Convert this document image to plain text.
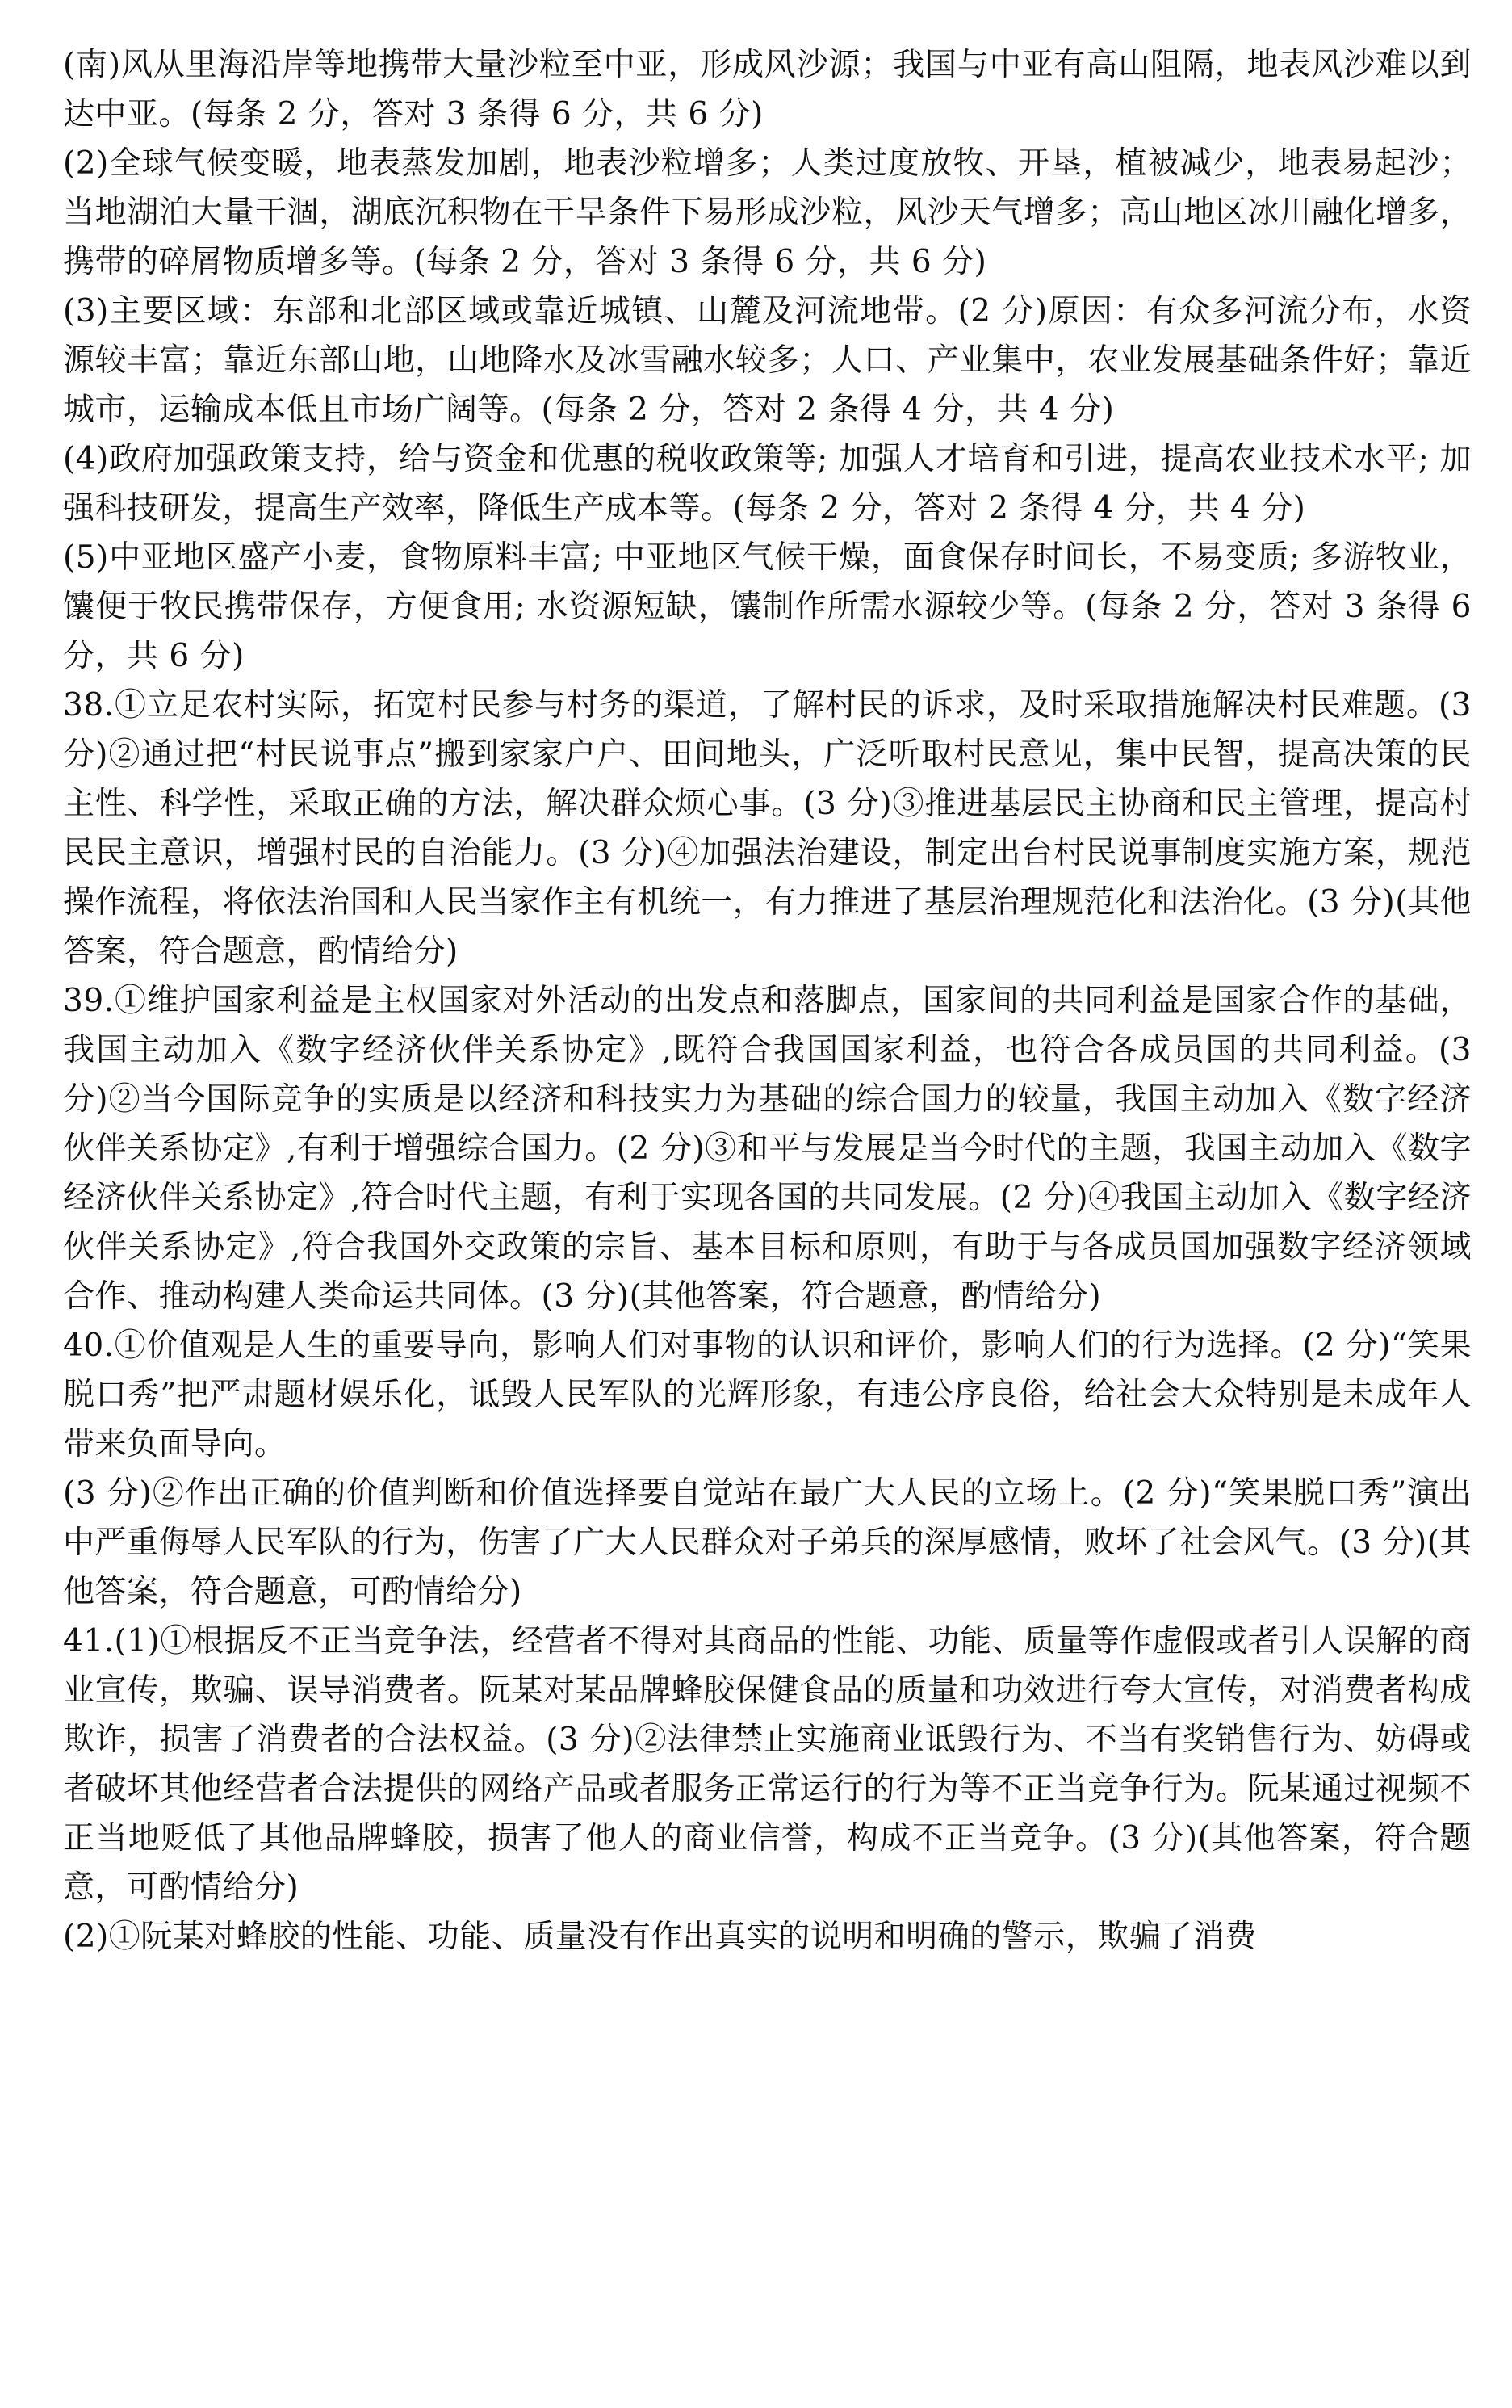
(南)风从里海沿岸等地携带大量沙粒至中亚，形成风沙源；我国与中亚有高山阻隔，地表风沙难以到达中亚。(每条 2 分，答对 3 条得 6 分，共 6 分)

(2)全球气候变暖，地表蒸发加剧，地表沙粒增多；人类过度放牧、开垦，植被减少，地表易起沙；当地湖泊大量干涸，湖底沉积物在干旱条件下易形成沙粒，风沙天气增多；高山地区冰川融化增多，携带的碎屑物质增多等。(每条 2 分，答对 3 条得 6 分，共 6 分)

(3)主要区域：东部和北部区域或靠近城镇、山麓及河流地带。(2 分)原因：有众多河流分布，水资源较丰富；靠近东部山地，山地降水及冰雪融水较多；人口、产业集中，农业发展基础条件好；靠近城市，运输成本低且市场广阔等。(每条 2 分，答对 2 条得 4 分，共 4 分)

(4)政府加强政策支持，给与资金和优惠的税收政策等; 加强人才培育和引进，提高农业技术水平; 加强科技研发，提高生产效率，降低生产成本等。(每条 2 分，答对 2 条得 4 分，共 4 分)

(5)中亚地区盛产小麦，食物原料丰富; 中亚地区气候干燥，面食保存时间长，不易变质; 多游牧业，馕便于牧民携带保存，方便食用; 水资源短缺，馕制作所需水源较少等。(每条 2 分，答对 3 条得 6 分，共 6 分)

38.①立足农村实际，拓宽村民参与村务的渠道，了解村民的诉求，及时采取措施解决村民难题。(3 分)②通过把“村民说事点”搬到家家户户、田间地头，广泛听取村民意见，集中民智，提高决策的民主性、科学性，采取正确的方法，解决群众烦心事。(3 分)③推进基层民主协商和民主管理，提高村民民主意识，增强村民的自治能力。(3 分)④加强法治建设，制定出台村民说事制度实施方案，规范操作流程，将依法治国和人民当家作主有机统一，有力推进了基层治理规范化和法治化。(3 分)(其他答案，符合题意，酌情给分)

39.①维护国家利益是主权国家对外活动的出发点和落脚点，国家间的共同利益是国家合作的基础，我国主动加入《数字经济伙伴关系协定》,既符合我国国家利益，也符合各成员国的共同利益。(3 分)②当今国际竞争的实质是以经济和科技实力为基础的综合国力的较量，我国主动加入《数字经济伙伴关系协定》,有利于增强综合国力。(2 分)③和平与发展是当今时代的主题，我国主动加入《数字经济伙伴关系协定》,符合时代主题，有利于实现各国的共同发展。(2 分)④我国主动加入《数字经济伙伴关系协定》,符合我国外交政策的宗旨、基本目标和原则，有助于与各成员国加强数字经济领域合作、推动构建人类命运共同体。(3 分)(其他答案，符合题意，酌情给分)

40.①价值观是人生的重要导向，影响人们对事物的认识和评价，影响人们的行为选择。(2 分)“笑果脱口秀”把严肃题材娱乐化，诋毁人民军队的光辉形象，有违公序良俗，给社会大众特别是未成年人带来负面导向。

(3 分)②作出正确的价值判断和价值选择要自觉站在最广大人民的立场上。(2 分)“笑果脱口秀”演出中严重侮辱人民军队的行为，伤害了广大人民群众对子弟兵的深厚感情，败坏了社会风气。(3 分)(其他答案，符合题意，可酌情给分)

41.(1)①根据反不正当竞争法，经营者不得对其商品的性能、功能、质量等作虚假或者引人误解的商业宣传，欺骗、误导消费者。阮某对某品牌蜂胶保健食品的质量和功效进行夸大宣传，对消费者构成欺诈，损害了消费者的合法权益。(3 分)②法律禁止实施商业诋毁行为、不当有奖销售行为、妨碍或者破坏其他经营者合法提供的网络产品或者服务正常运行的行为等不正当竞争行为。阮某通过视频不正当地贬低了其他品牌蜂胶，损害了他人的商业信誉，构成不正当竞争。(3 分)(其他答案，符合题意，可酌情给分)

(2)①阮某对蜂胶的性能、功能、质量没有作出真实的说明和明确的警示，欺骗了消费
